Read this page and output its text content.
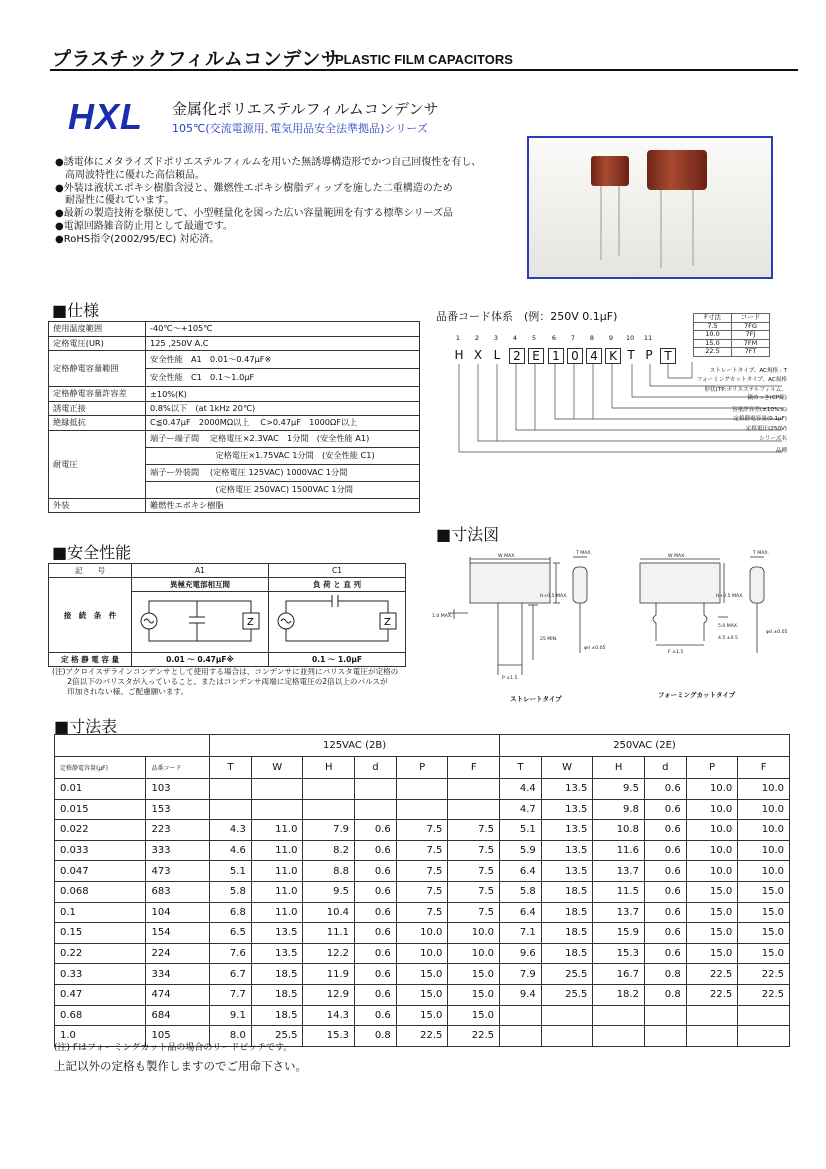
プラスチックフィルムコンデンサ
PLASTIC FILM CAPACITORS
HXL 金属化ポリエステルフィルムコンデンサ
105℃(交流電源用､電気用品安全法準拠品)シリーズ
●誘電体にメタライズドポリエステルフィルムを用いた無誘導構造形でかつ自己回復性を有し、
　高周波特性に優れた高信頼品。
●外装は液状エポキシ樹脂含浸と、難燃性エポキシ樹脂ディップを施した二重構造のため
　耐湿性に優れています。
●最新の製造技術を駆使して、小型軽量化を図った広い容量範囲を有する標準シリーズ品
●電源回路雑音防止用として最適です。
●RoHS指令(2002/95/EC) 対応済。
■仕様
使用温度範囲	-40℃～+105℃
定格電圧(UR)	125 ,250V A.C
定格静電容量範囲	安全性能　A1　0.01～0.47μF※
	安全性能　C1　0.1～1.0μF
定格静電容量許容差	±10%(K)
誘電正接	0.8%以下　(at 1kHz 20℃)
絶縁抵抗	C≦0.47μF　2000MΩ以上　 C>0.47μF　1000ΩF以上
耐電圧	端子ー端子間　 定格電圧×2.3VAC　1分間　(安全性能 A1)
	　　　　　　　　定格電圧×1.75VAC 1分間　(安全性能 C1)
	端子ー外装間　 (定格電圧 125VAC) 1000VAC 1分間
	　　　　　　　　(定格電圧 250VAC) 1500VAC 1分間
外装	難燃性エポキシ樹脂
品番コード体系　(例：250V 0.1μF)
1	2	3	4	5	6	7	8	9	10 11
H X L	2 E	1 0 4 K T P T
F寸法	コード
7.5	7FG
10.0	7FJ
15.0	7FM
22.5	7FT
ストレートタイプ、AC規格 : T
フォーミングカットタイプ、AC規格
形状(TP:ポリエステルフィルム、
鍋めっき(CP線)
容量許容差(±10%:K)
定格静電容量(0.1μF)
定格電圧(250V)
シリーズ名
品種
■安全性能
記　　号	A1	C1
接　続　条　件	異極充電部相互間	負 荷 と 直 列

Z	Z

定 格 静 電 容 量	0.01 ～ 0.47μF※	0.1 ～ 1.0μF
(注)アクロイスザラインコンデンサとして使用する場合は、コンデンサに並列にバリスタ電圧が定格の
　　2倍以下のバリスタが入っていること、またはコンデンサ両端に定格電圧の2倍以上のパルスが
　　印加されない様、ご配慮願います。
■寸法図
W MAX.
T MAX.
H+0.5 MAX.
1.0 MAX.
25 MIN.
φd ±0.05
P ±1.5
W MAX.
T MAX.
H+0.5 MAX.
5.0 MAX.
4.5 ±0.5
φd ±0.05
F ±1.5
ストレートタイプ	フォーミングカットタイプ
■寸法表
		125VAC (2B)						250VAC (2E)					
定格静電容量(μF)	品番コード	T	W	H	d	P	F	T	W	H	d	P	F
0.01	103							4.4	13.5	9.5	0.6	10.0	10.0
0.015	153							4.7	13.5	9.8	0.6	10.0	10.0
0.022	223	4.3	11.0	7.9	0.6	7.5	7.5	5.1	13.5	10.8	0.6	10.0	10.0
0.033	333	4.6	11.0	8.2	0.6	7.5	7.5	5.9	13.5	11.6	0.6	10.0	10.0
0.047	473	5.1	11.0	8.8	0.6	7.5	7.5	6.4	13.5	13.7	0.6	10.0	10.0
0.068	683	5.8	11.0	9.5	0.6	7.5	7.5	5.8	18.5	11.5	0.6	15.0	15.0
0.1	104	6.8	11.0	10.4	0.6	7.5	7.5	6.4	18.5	13.7	0.6	15.0	15.0
0.15	154	6.5	13.5	11.1	0.6	10.0	10.0	7.1	18.5	15.9	0.6	15.0	15.0
0.22	224	7.6	13.5	12.2	0.6	10.0	10.0	9.6	18.5	15.3	0.6	15.0	15.0
0.33	334	6.7	18.5	11.9	0.6	15.0	15.0	7.9	25.5	16.7	0.8	22.5	22.5
0.47	474	7.7	18.5	12.9	0.6	15.0	15.0	9.4	25.5	18.2	0.8	22.5	22.5
0.68	684	9.1	18.5	14.3	0.6	15.0	15.0						
1.0	105	8.0	25.5	15.3	0.8	22.5	22.5						
(注) Fはフォーミングカット品の場合のリードピッチです。
上記以外の定格も製作しますのでご用命下さい。
